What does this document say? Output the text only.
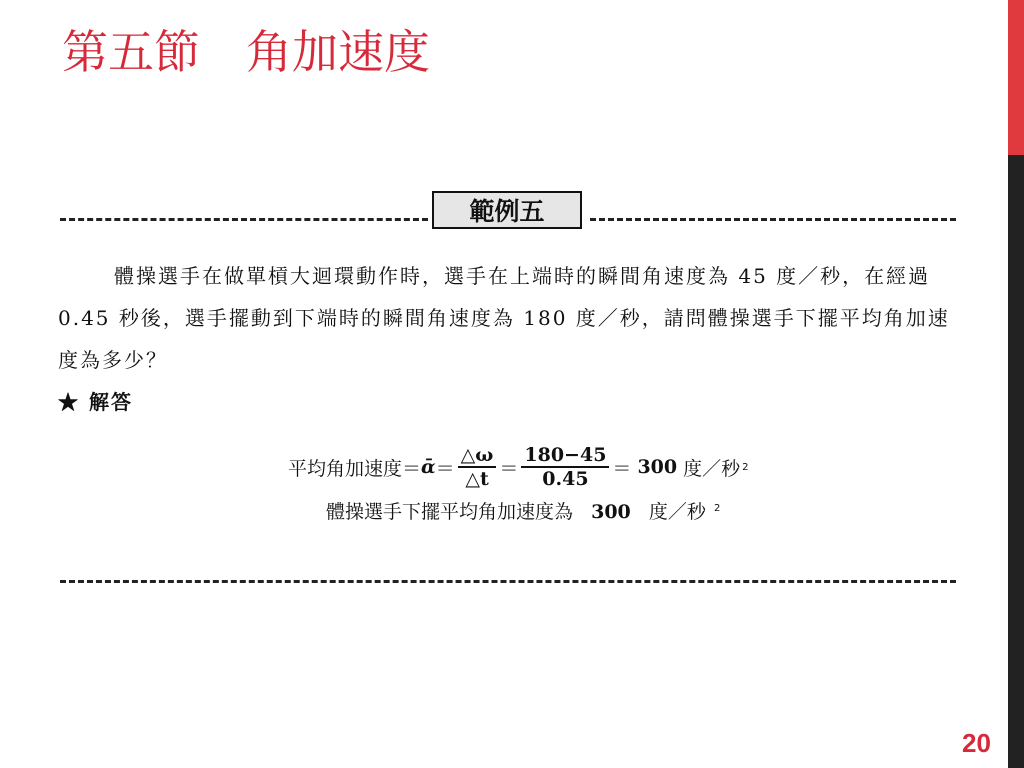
第五節　角加速度
範例五

體操選手在做單槓大迴環動作時，選手在上端時的瞬間角速度為 45 度／秒，在經過 0.45 秒後，選手擺動到下端時的瞬間角速度為 180 度／秒，請問體操選手下擺平均角加速度為多少？

★ 解答
平均角加速度 ＝ ᾱ ＝ $\frac{\triangle\omega}{\triangle t} = \frac{180-45}{0.45} = 300$ 度／秒 2
體操選手下擺平均角加速度為 300 度／秒 $^2$
20
